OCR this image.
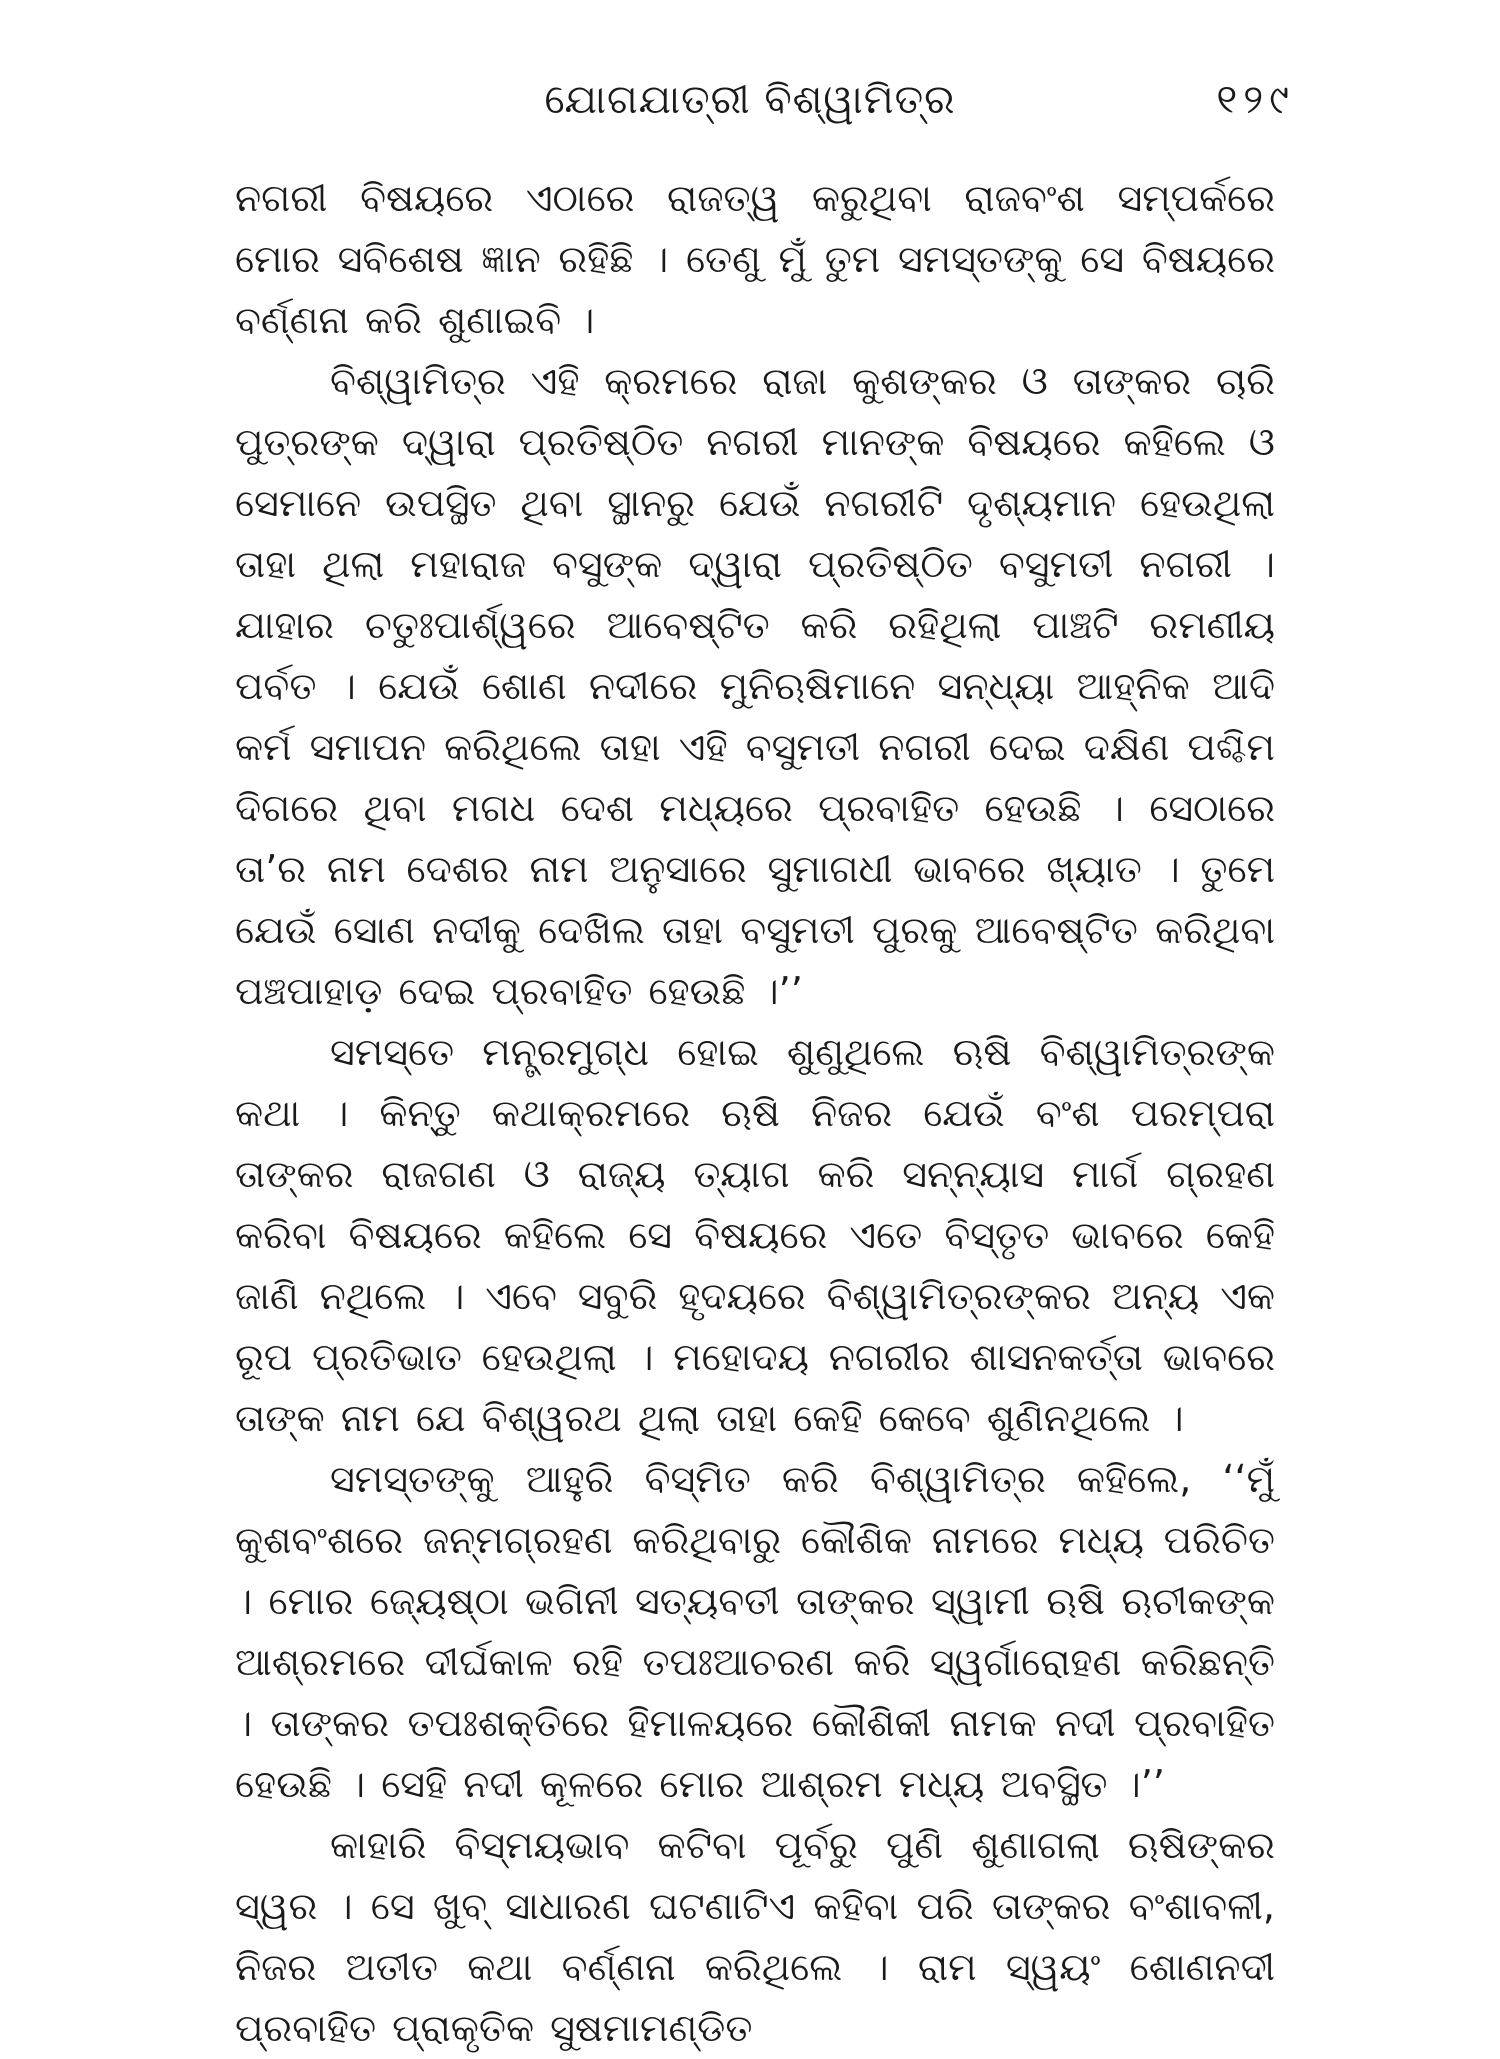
ଯୋଗଯାତ୍ରୀ ବିଶ୍ୱାମିତ୍ର	୧୨୯

ନଗରୀ ବିଷୟରେ ଏଠାରେ ରାଜତ୍ୱ କରୁଥିବା ରାଜବଂଶ ସମ୍ପର୍କରେ ମୋର ସବିଶେଷ ଜ୍ଞାନ ରହିଛି । ତେଣୁ ମୁଁ ତୁମ ସମସ୍ତଙ୍କୁ ସେ ବିଷୟରେ ବର୍ଣ୍ଣନା କରି ଶୁଣାଇବି ।

ବିଶ୍ୱାମିତ୍ର ଏହି କ୍ରମରେ ରାଜା କୁଶଙ୍କର ଓ ତାଙ୍କର ଚାରି ପୁତ୍ରଙ୍କ ଦ୍ୱାରା ପ୍ରତିଷ୍ଠିତ ନଗରୀ ମାନଙ୍କ ବିଷୟରେ କହିଲେ ଓ ସେମାନେ ଉପସ୍ଥିତ ଥିବା ସ୍ଥାନରୁ ଯେଉଁ ନଗରୀଟି ଦୃଶ୍ୟମାନ ହେଉଥିଲା ତାହା ଥିଲା ମହାରାଜ ବସୁଙ୍କ ଦ୍ୱାରା ପ୍ରତିଷ୍ଠିତ ବସୁମତୀ ନଗରୀ । ଯାହାର ଚତୁଃପାର୍ଶ୍ୱରେ ଆବେଷ୍ଟିତ କରି ରହିଥିଲା ପାଞ୍ଚଟି ରମଣୀୟ ପର୍ବତ । ଯେଉଁ ଶୋଣ ନଦୀରେ ମୁନିଋଷିମାନେ ସନ୍ଧ୍ୟା ଆହ୍ନିକ ଆଦି କର୍ମ ସମାପନ କରିଥିଲେ ତାହା ଏହି ବସୁମତୀ ନଗରୀ ଦେଇ ଦକ୍ଷିଣ ପଶ୍ଚିମ ଦିଗରେ ଥିବା ମଗଧ ଦେଶ ମଧ୍ୟରେ ପ୍ରବାହିତ ହେଉଛି । ସେଠାରେ ତା’ର ନାମ ଦେଶର ନାମ ଅନୁସାରେ ସୁମାଗଧୀ ଭାବରେ ଖ୍ୟାତ । ତୁମେ ଯେଉଁ ସୋଣ ନଦୀକୁ ଦେଖିଲ ତାହା ବସୁମତୀ ପୁରକୁ ଆବେଷ୍ଟିତ କରିଥିବା ପଞ୍ଚପାହାଡ଼ ଦେଇ ପ୍ରବାହିତ ହେଉଛି ।’’

ସମସ୍ତେ ମନ୍ତ୍ରମୁଗ୍ଧ ହୋଇ ଶୁଣୁଥିଲେ ଋଷି ବିଶ୍ୱାମିତ୍ରଙ୍କ କଥା । କିନ୍ତୁ କଥାକ୍ରମରେ ଋଷି ନିଜର ଯେଉଁ ବଂଶ ପରମ୍ପରା ତାଙ୍କର ରାଜଗଣ ଓ ରାଜ୍ୟ ତ୍ୟାଗ କରି ସନ୍ନ୍ୟାସ ମାର୍ଗ ଗ୍ରହଣ କରିବା ବିଷୟରେ କହିଲେ ସେ ବିଷୟରେ ଏତେ ବିସ୍ତୃତ ଭାବରେ କେହି ଜାଣି ନଥିଲେ । ଏବେ ସବୁରି ହୃଦୟରେ ବିଶ୍ୱାମିତ୍ରଙ୍କର ଅନ୍ୟ ଏକ ରୂପ ପ୍ରତିଭାତ ହେଉଥିଲା । ମହୋଦୟ ନଗରୀର ଶାସନକର୍ତ୍ତା ଭାବରେ ତାଙ୍କ ନାମ ଯେ ବିଶ୍ୱରଥ ଥିଲା ତାହା କେହି କେବେ ଶୁଣିନଥିଲେ ।

ସମସ୍ତଙ୍କୁ ଆହୁରି ବିସ୍ମିତ କରି ବିଶ୍ୱାମିତ୍ର କହିଲେ, ‘‘ମୁଁ କୁଶବଂଶରେ ଜନ୍ମଗ୍ରହଣ କରିଥିବାରୁ କୌଶିକ ନାମରେ ମଧ୍ୟ ପରିଚିତ । ମୋର ଜ୍ୟେଷ୍ଠା ଭଗିନୀ ସତ୍ୟବତୀ ତାଙ୍କର ସ୍ୱାମୀ ଋଷି ଋଚୀକଙ୍କ ଆଶ୍ରମରେ ଦୀର୍ଘକାଳ ରହି ତପଃଆଚରଣ କରି ସ୍ୱର୍ଗାରୋହଣ କରିଛନ୍ତି । ତାଙ୍କର ତପଃଶକ୍ତିରେ ହିମାଳୟରେ କୌଶିକୀ ନାମକ ନଦୀ ପ୍ରବାହିତ ହେଉଛି । ସେହି ନଦୀ କୂଳରେ ମୋର ଆଶ୍ରମ ମଧ୍ୟ ଅବସ୍ଥିତ ।’’

କାହାରି ବିସ୍ମୟଭାବ କଟିବା ପୂର୍ବରୁ ପୁଣି ଶୁଣାଗଲା ଋଷିଙ୍କର ସ୍ୱର । ସେ ଖୁବ୍ ସାଧାରଣ ଘଟଣାଟିଏ କହିବା ପରି ତାଙ୍କର ବଂଶାବଳୀ, ନିଜର ଅତୀତ କଥା ବର୍ଣ୍ଣନା କରିଥିଲେ । ରାମ ସ୍ୱୟଂ ଶୋଣନଦୀ ପ୍ରବାହିତ ପ୍ରାକୃତିକ ସୁଷମାମଣ୍ଡିତ
